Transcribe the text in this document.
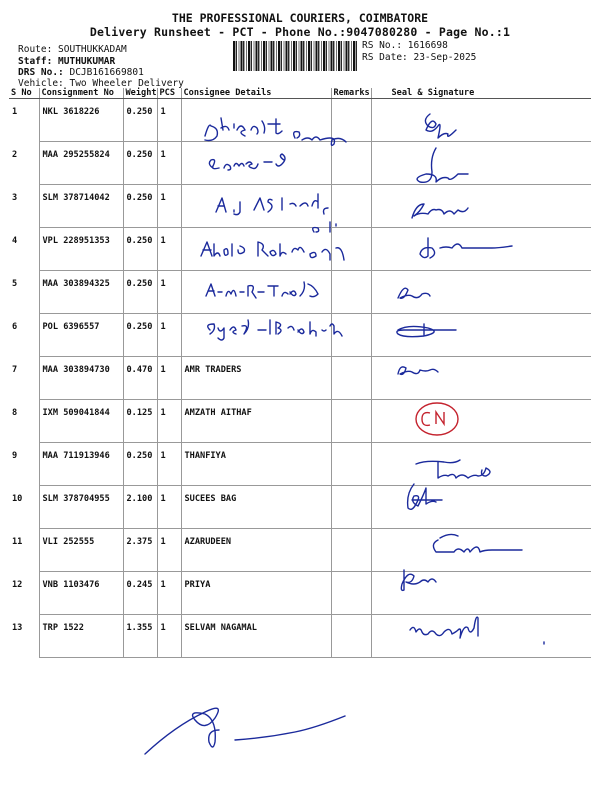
THE PROFESSIONAL COURIERS, COIMBATORE
Delivery Runsheet - PCT - Phone No.:9047080280 - Page No.:1
Route: SOUTHUKKADAM
Staff: MUTHUKUMAR
DRS No.: DCJB161669801
Vehicle: Two Wheeler Delivery
RS No.: 1616698
RS Date: 23-Sep-2025
S No	Consignment No	Weight	PCS	Consignee Details	Remarks	Seal & Signature
1	NKL 3618226	0.250	1			
2	MAA 295255824	0.250	1			
3	SLM 378714042	0.250	1			
4	VPL 228951353	0.250	1			
5	MAA 303894325	0.250	1			
6	POL 6396557	0.250	1			
7	MAA 303894730	0.470	1	AMR TRADERS		
8	IXM 509041844	0.125	1	AMZATH AITHAF		
9	MAA 711913946	0.250	1	THANFIYA		
10	SLM 378704955	2.100	1	SUCEES BAG		
11	VLI 252555	2.375	1	AZARUDEEN		
12	VNB 1103476	0.245	1	PRIYA		
13	TRP 1522	1.355	1	SELVAM NAGAMAL		
